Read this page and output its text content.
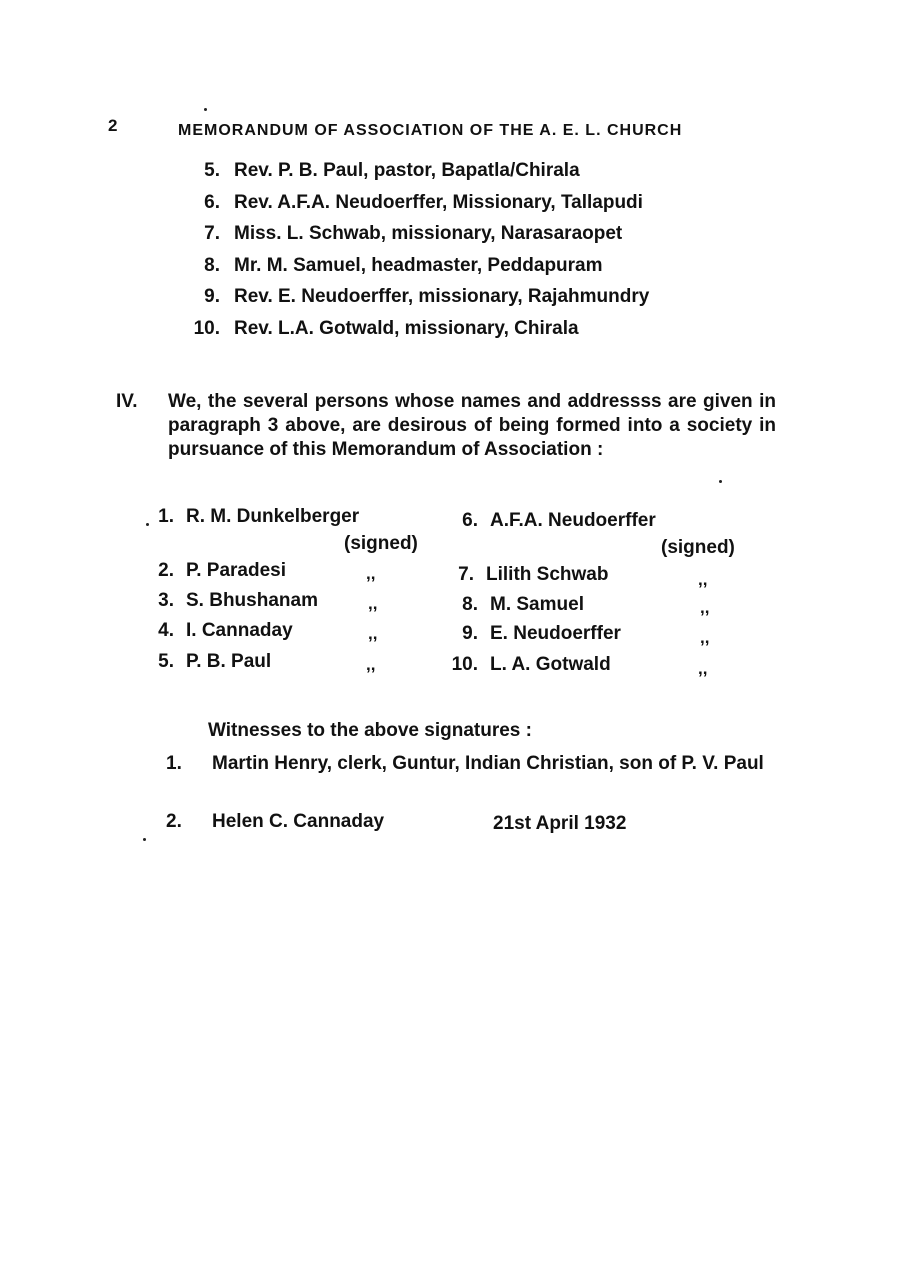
2	MEMORANDUM OF ASSOCIATION OF THE A. E. L. CHURCH
5. Rev. P. B. Paul, pastor, Bapatla/Chirala
6. Rev. A.F.A. Neudoerffer, Missionary, Tallapudi
7. Miss. L. Schwab, missionary, Narasaraopet
8. Mr. M. Samuel, headmaster, Peddapuram
9. Rev. E. Neudoerffer, missionary, Rajahmundry
10. Rev. L.A. Gotwald, missionary, Chirala
IV. We, the several persons whose names and addressss are given in paragraph 3 above, are desirous of being formed into a society in pursuance of this Memorandum of Association :
1. R. M. Dunkelberger
(signed)
2. P. Paradesi	,,
3. S. Bhushanam	,,
4. I. Cannaday	,,
5. P. B. Paul	,,
6. A.F.A. Neudoerffer
(signed)
7. Lilith Schwab	,,
8. M. Samuel	,,
9. E. Neudoerffer	,,
10. L. A. Gotwald	,,
Witnesses to the above signatures :
1. Martin Henry, clerk, Guntur, Indian Christian, son of P. V. Paul
2. Helen C. Cannaday	21st April 1932
